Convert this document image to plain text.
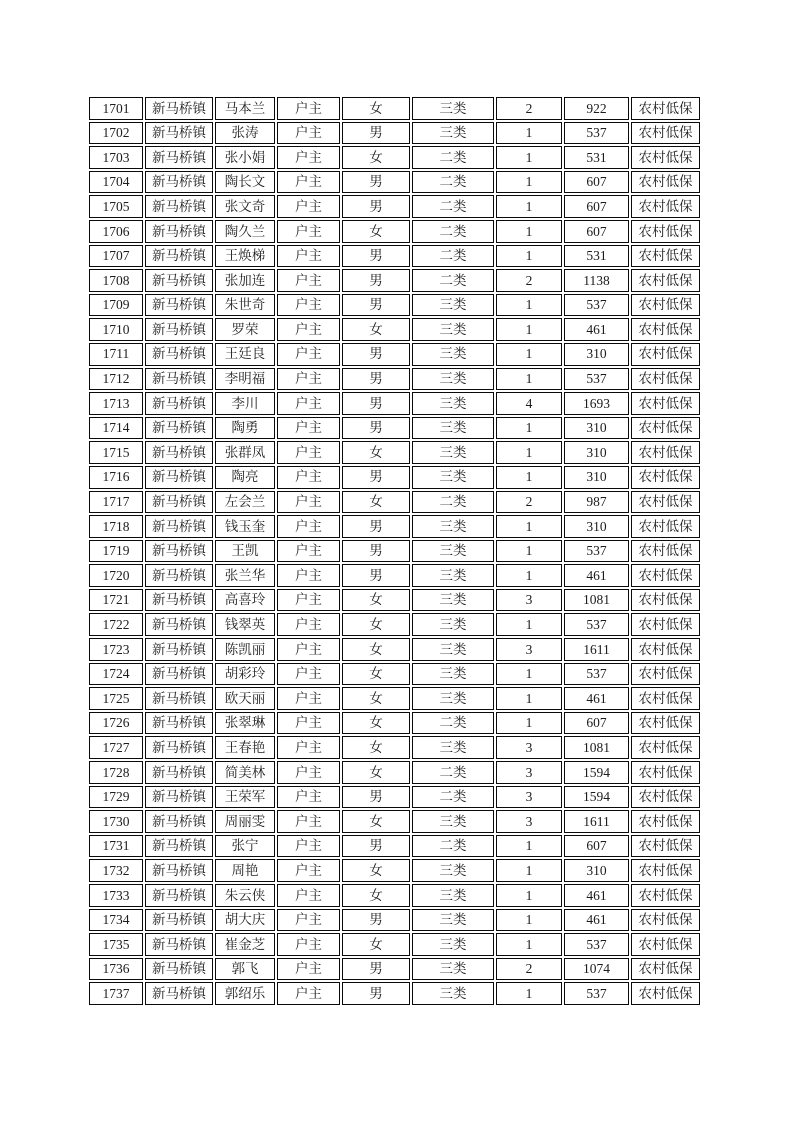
1701	新马桥镇	马本兰	户主	女	三类	2	922	农村低保
1702	新马桥镇	张涛	户主	男	三类	1	537	农村低保
1703	新马桥镇	张小娟	户主	女	二类	1	531	农村低保
1704	新马桥镇	陶长文	户主	男	二类	1	607	农村低保
1705	新马桥镇	张文奇	户主	男	二类	1	607	农村低保
1706	新马桥镇	陶久兰	户主	女	二类	1	607	农村低保
1707	新马桥镇	王焕梯	户主	男	二类	1	531	农村低保
1708	新马桥镇	张加连	户主	男	二类	2	1138	农村低保
1709	新马桥镇	朱世奇	户主	男	三类	1	537	农村低保
1710	新马桥镇	罗荣	户主	女	三类	1	461	农村低保
1711	新马桥镇	王廷良	户主	男	三类	1	310	农村低保
1712	新马桥镇	李明福	户主	男	三类	1	537	农村低保
1713	新马桥镇	李川	户主	男	三类	4	1693	农村低保
1714	新马桥镇	陶勇	户主	男	三类	1	310	农村低保
1715	新马桥镇	张群凤	户主	女	三类	1	310	农村低保
1716	新马桥镇	陶亮	户主	男	三类	1	310	农村低保
1717	新马桥镇	左会兰	户主	女	二类	2	987	农村低保
1718	新马桥镇	钱玉奎	户主	男	三类	1	310	农村低保
1719	新马桥镇	王凯	户主	男	三类	1	537	农村低保
1720	新马桥镇	张兰华	户主	男	三类	1	461	农村低保
1721	新马桥镇	高喜玲	户主	女	三类	3	1081	农村低保
1722	新马桥镇	钱翠英	户主	女	三类	1	537	农村低保
1723	新马桥镇	陈凯丽	户主	女	三类	3	1611	农村低保
1724	新马桥镇	胡彩玲	户主	女	三类	1	537	农村低保
1725	新马桥镇	欧天丽	户主	女	三类	1	461	农村低保
1726	新马桥镇	张翠琳	户主	女	二类	1	607	农村低保
1727	新马桥镇	王春艳	户主	女	三类	3	1081	农村低保
1728	新马桥镇	简美林	户主	女	二类	3	1594	农村低保
1729	新马桥镇	王荣军	户主	男	二类	3	1594	农村低保
1730	新马桥镇	周丽雯	户主	女	三类	3	1611	农村低保
1731	新马桥镇	张宁	户主	男	二类	1	607	农村低保
1732	新马桥镇	周艳	户主	女	三类	1	310	农村低保
1733	新马桥镇	朱云侠	户主	女	三类	1	461	农村低保
1734	新马桥镇	胡大庆	户主	男	三类	1	461	农村低保
1735	新马桥镇	崔金芝	户主	女	三类	1	537	农村低保
1736	新马桥镇	郭飞	户主	男	三类	2	1074	农村低保
1737	新马桥镇	郭绍乐	户主	男	三类	1	537	农村低保
